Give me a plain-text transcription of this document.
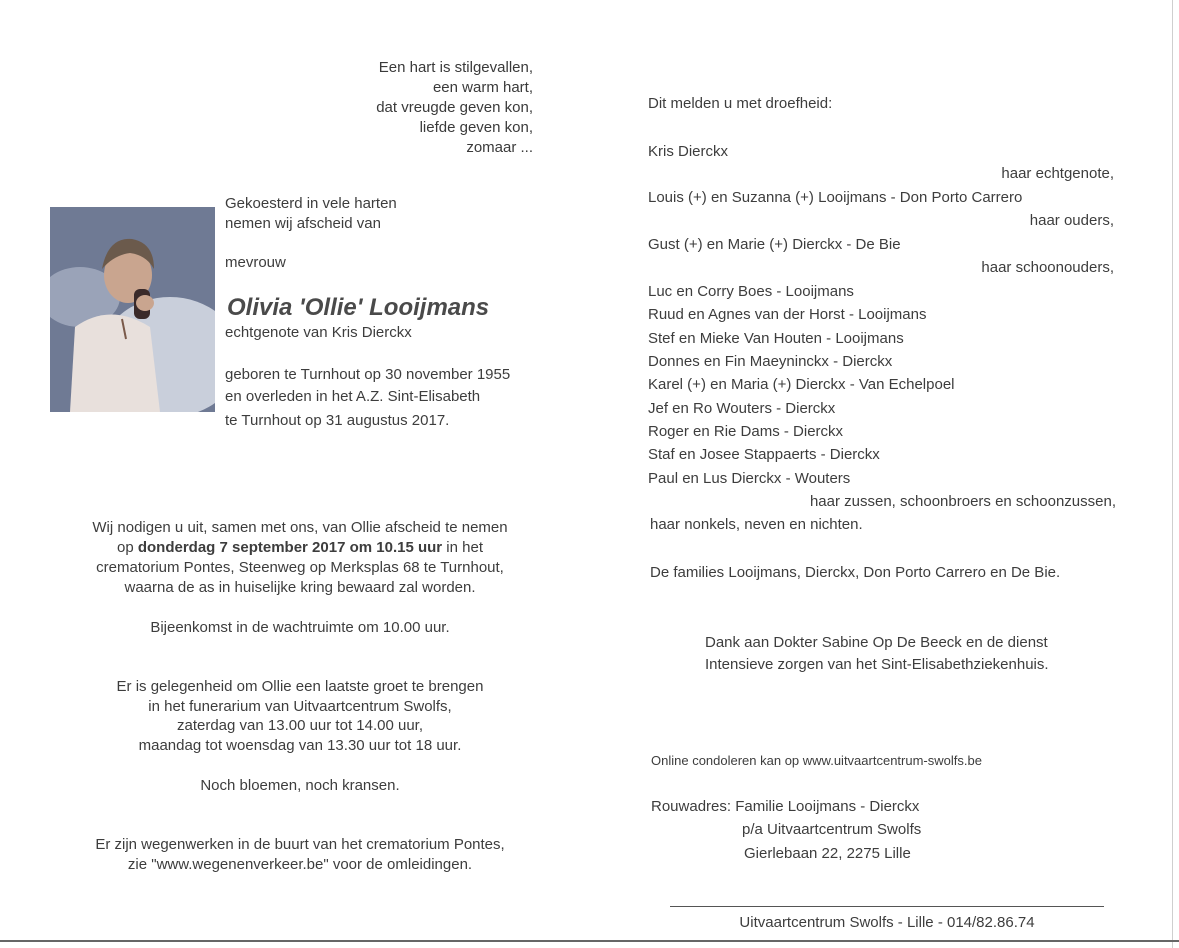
Een hart is stilgevallen,
een warm hart,
dat vreugde geven kon,
liefde geven kon,
zomaar ...
Gekoesterd in vele harten
nemen wij afscheid van
mevrouw
Olivia 'Ollie' Looijmans
echtgenote van Kris Dierckx
geboren te Turnhout op 30 november 1955
en overleden in het A.Z. Sint-Elisabeth
te Turnhout op 31 augustus 2017.
Wij nodigen u uit, samen met ons, van Ollie afscheid te nemen
op donderdag 7 september 2017 om 10.15 uur in het
crematorium Pontes, Steenweg op Merksplas 68 te Turnhout,
waarna de as in huiselijke kring bewaard zal worden.
Bijeenkomst in de wachtruimte om 10.00 uur.
Er is gelegenheid om Ollie een laatste groet te brengen
in het funerarium van Uitvaartcentrum Swolfs,
zaterdag van 13.00 uur tot 14.00 uur,
maandag tot woensdag van 13.30 uur tot 18 uur.
Noch bloemen, noch kransen.
Er zijn wegenwerken in de buurt van het crematorium Pontes,
zie "www.wegenenverkeer.be" voor de omleidingen.
Dit melden u met droefheid:
Kris Dierckx
haar echtgenote,
Louis (+) en Suzanna (+) Looijmans - Don Porto Carrero
haar ouders,
Gust (+) en Marie (+) Dierckx - De Bie
haar schoonouders,
Luc en Corry Boes - Looijmans
Ruud en Agnes van der Horst - Looijmans
Stef en Mieke Van Houten - Looijmans
Donnes en Fin Maeyninckx - Dierckx
Karel (+) en Maria (+) Dierckx - Van Echelpoel
Jef en Ro Wouters - Dierckx
Roger en Rie Dams - Dierckx
Staf en Josee Stappaerts - Dierckx
Paul en Lus Dierckx - Wouters
haar zussen, schoonbroers en schoonzussen,
haar nonkels, neven en nichten.
De families Looijmans, Dierckx, Don Porto Carrero en De Bie.
Dank aan Dokter Sabine Op De Beeck en de dienst
Intensieve zorgen van het Sint-Elisabethziekenhuis.
Online condoleren kan op www.uitvaartcentrum-swolfs.be
Rouwadres: Familie Looijmans - Dierckx
p/a Uitvaartcentrum Swolfs
Gierlebaan 22, 2275 Lille
Uitvaartcentrum Swolfs - Lille - 014/82.86.74
